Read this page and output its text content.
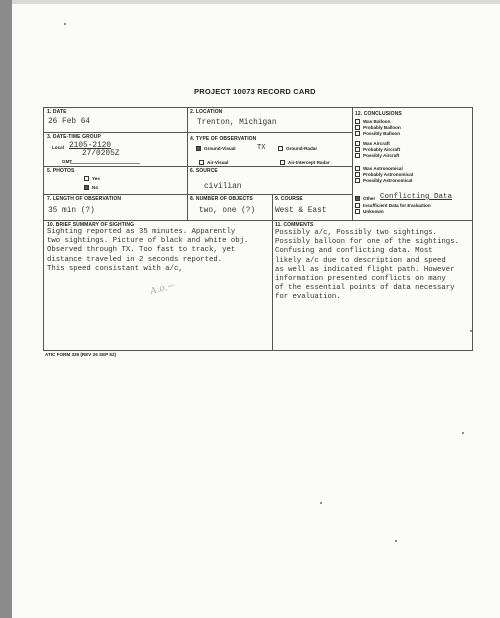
PROJECT 10073 RECORD CARD
1. DATE
26 Feb 64
2. LOCATION
Trenton, Michigan
3. DATE-TIME GROUP
Local 2105-2120
27/0205Z
GMT
4. TYPE OF OBSERVATION
Ground-Visual	TX	Ground-Radar
Air-Visual	Air-Intercept Radar
5. PHOTOS
Yes
No
6. SOURCE
civilian
7. LENGTH OF OBSERVATION
35 min (?)
8. NUMBER OF OBJECTS
two, one (?)
9. COURSE
West & East
12. CONCLUSIONS
Was Balloon
Probably Balloon
Possibly Balloon
Was Aircraft
Probably Aircraft
Possibly Aircraft
Was Astronomical
Probably Astronomical
Possibly Astronomical
Other Conflicting Data
Insufficient Data for Evaluation
Unknown
10. BRIEF SUMMARY OF SIGHTING
Sighting reported as 35 minutes. Apparently
two sightings. Picture of black and white obj.
Observed through TX. Too fast to track, yet
distance traveled in 2 seconds reported.
This speed consistant with a/c,
11. COMMENTS
Possibly a/c, Possibly two sightings.
Possibly balloon for one of the sightings.
Confusing and conflicting data. Most
likely a/c due to description and speed
as well as indicated flight path. However
information presented conflicts on many
of the essential points of data necessary
for evaluation.
A.o.~
ATIC FORM 329 (REV 26 SEP 52)
